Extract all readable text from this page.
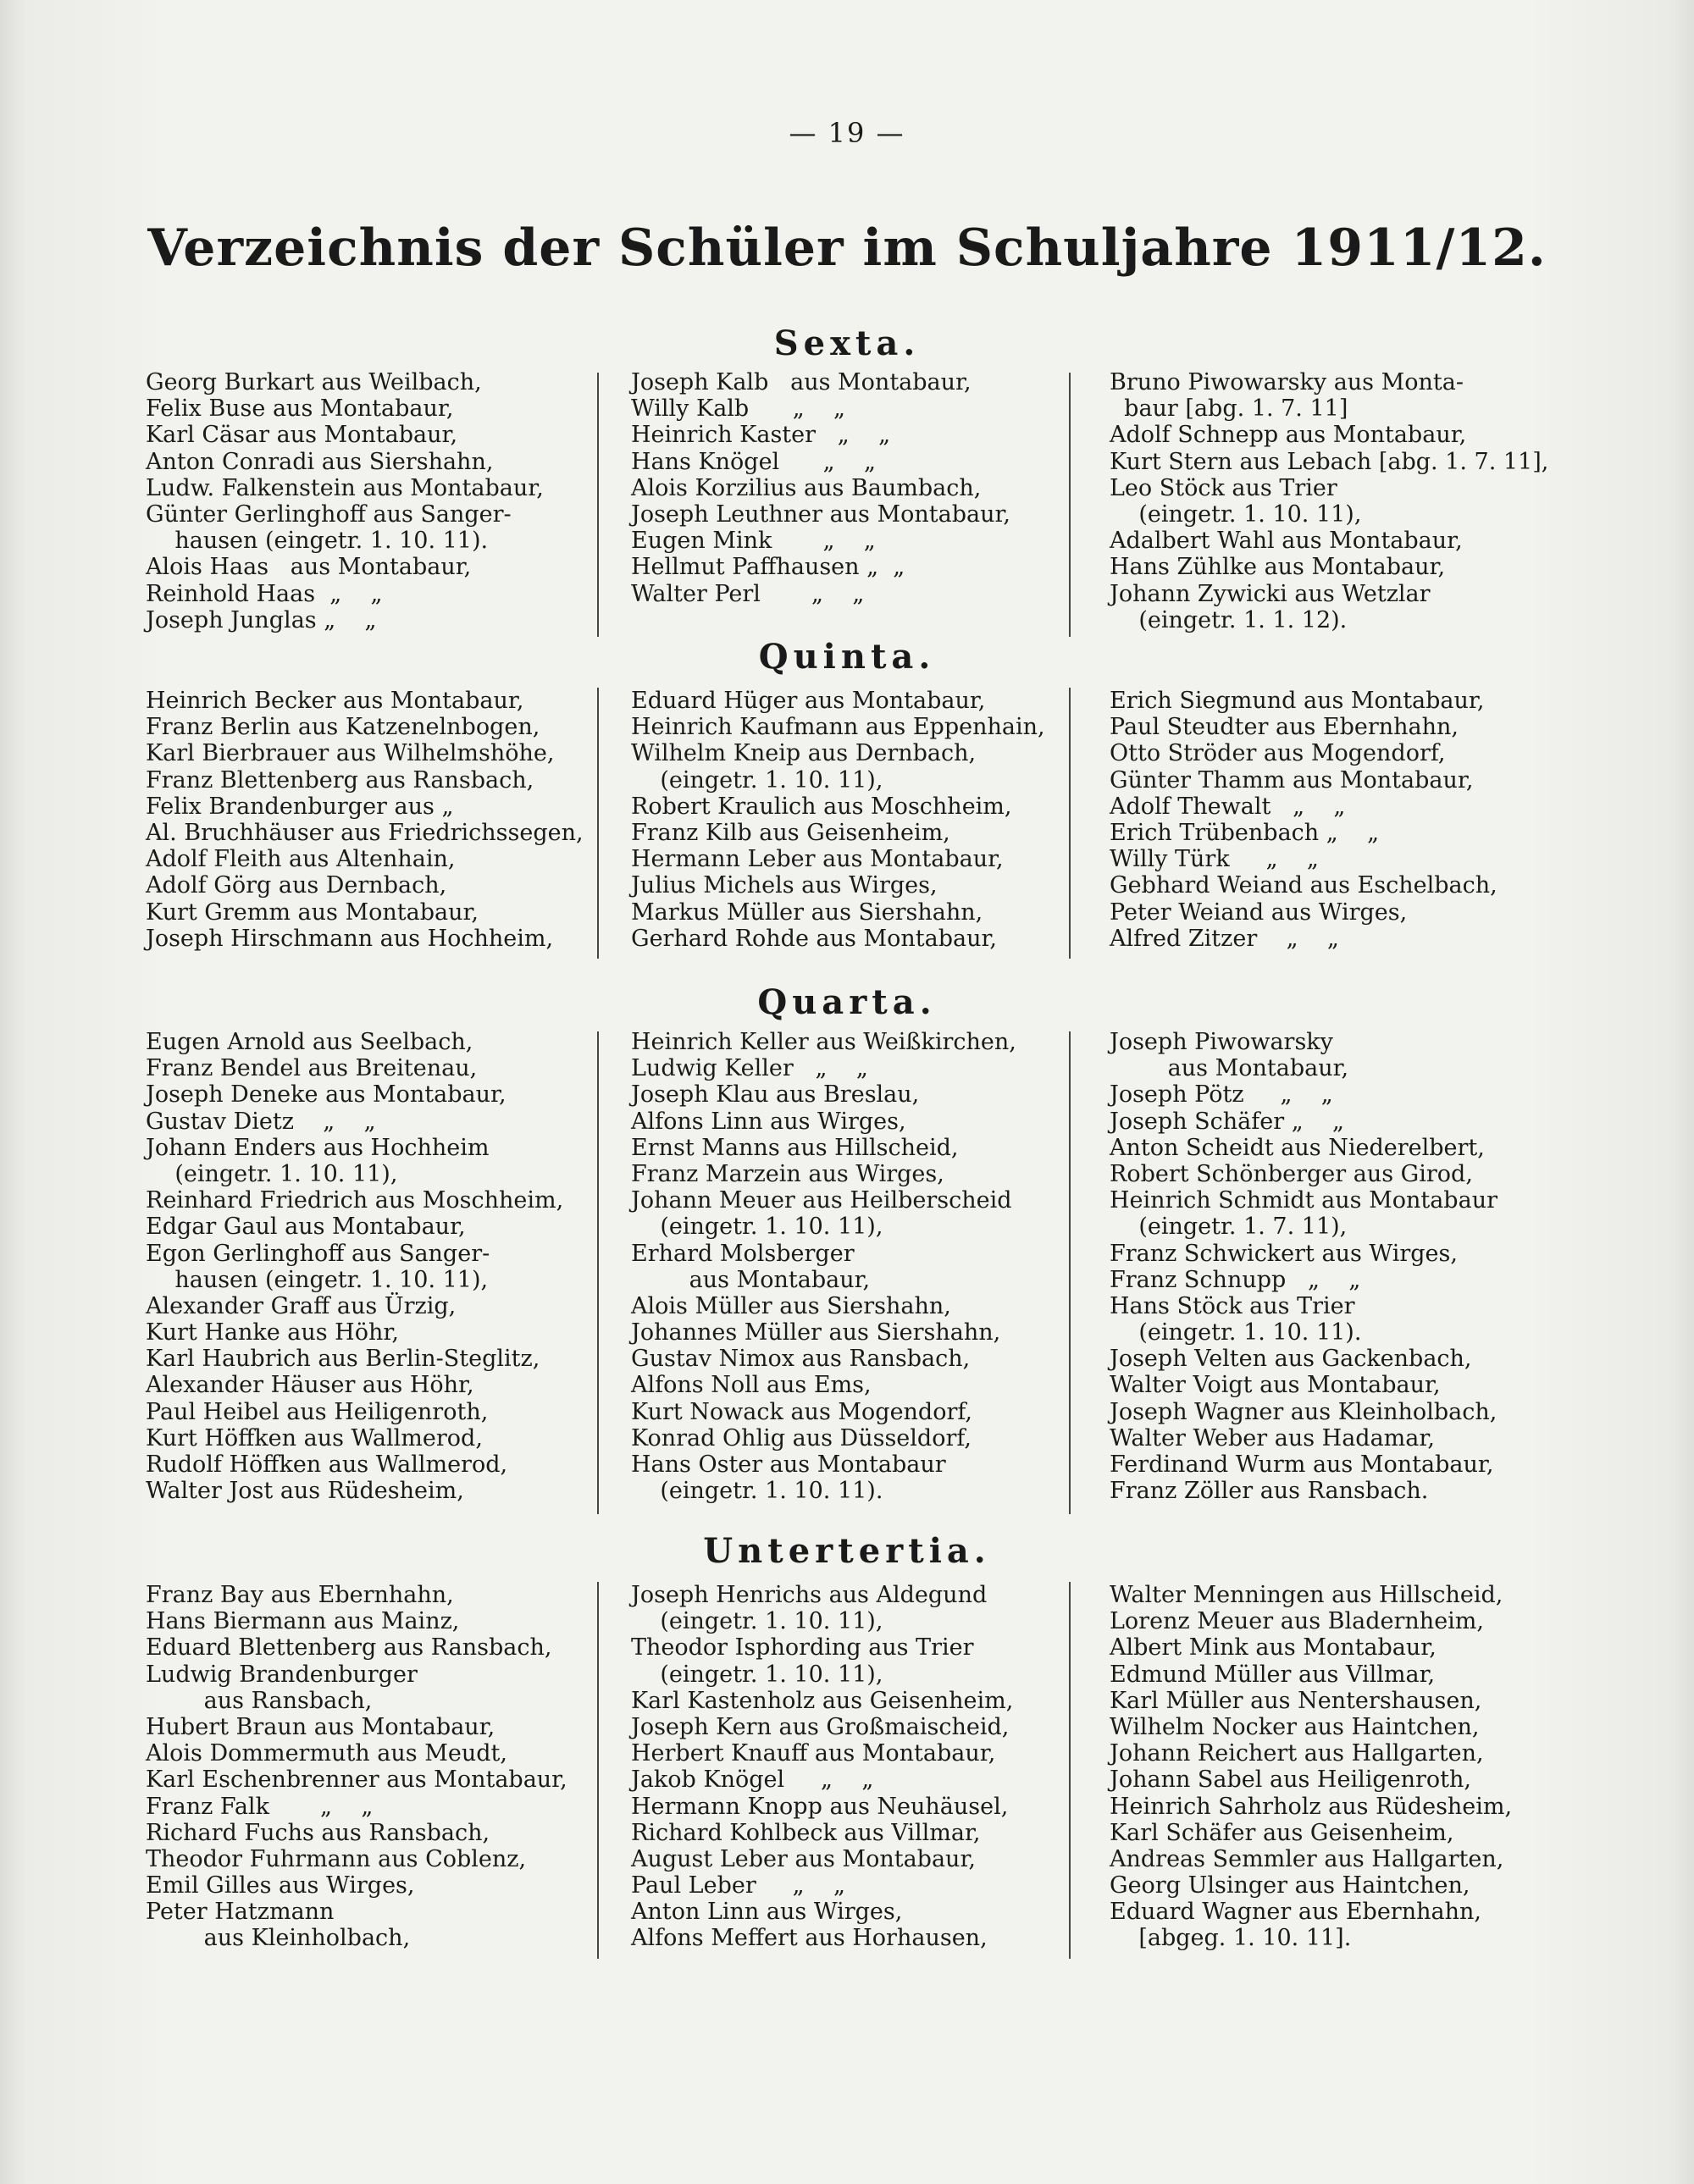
— 19 —
Verzeichnis der Schüler im Schuljahre 1911/12.
Sexta.
Georg Burkart aus Weilbach,
Felix Buse aus Montabaur,
Karl Cäsar aus Montabaur,
Anton Conradi aus Siershahn,
Ludw. Falkenstein aus Montabaur,
Günter Gerlinghoff aus Sanger-
hausen (eingetr. 1. 10. 11).
Alois Haas   aus Montabaur,
Reinhold Haas  „    „
Joseph Junglas „    „
Joseph Kalb   aus Montabaur,
Willy Kalb      „    „
Heinrich Kaster   „    „
Hans Knögel      „    „
Alois Korzilius aus Baumbach,
Joseph Leuthner aus Montabaur,
Eugen Mink       „    „
Hellmut Paffhausen „  „
Walter Perl       „    „
Bruno Piwowarsky aus Monta-
baur [abg. 1. 7. 11]
Adolf Schnepp aus Montabaur,
Kurt Stern aus Lebach [abg. 1. 7. 11],
Leo Stöck aus Trier
(eingetr. 1. 10. 11),
Adalbert Wahl aus Montabaur,
Hans Zühlke aus Montabaur,
Johann Zywicki aus Wetzlar
(eingetr. 1. 1. 12).
Quinta.
Heinrich Becker aus Montabaur,
Franz Berlin aus Katzenelnbogen,
Karl Bierbrauer aus Wilhelmshöhe,
Franz Blettenberg aus Ransbach,
Felix Brandenburger aus „
Al. Bruchhäuser aus Friedrichssegen,
Adolf Fleith aus Altenhain,
Adolf Görg aus Dernbach,
Kurt Gremm aus Montabaur,
Joseph Hirschmann aus Hochheim,
Eduard Hüger aus Montabaur,
Heinrich Kaufmann aus Eppenhain,
Wilhelm Kneip aus Dernbach,
(eingetr. 1. 10. 11),
Robert Kraulich aus Moschheim,
Franz Kilb aus Geisenheim,
Hermann Leber aus Montabaur,
Julius Michels aus Wirges,
Markus Müller aus Siershahn,
Gerhard Rohde aus Montabaur,
Erich Siegmund aus Montabaur,
Paul Steudter aus Ebernhahn,
Otto Ströder aus Mogendorf,
Günter Thamm aus Montabaur,
Adolf Thewalt   „    „
Erich Trübenbach „    „
Willy Türk     „    „
Gebhard Weiand aus Eschelbach,
Peter Weiand aus Wirges,
Alfred Zitzer    „    „
Quarta.
Eugen Arnold aus Seelbach,
Franz Bendel aus Breitenau,
Joseph Deneke aus Montabaur,
Gustav Dietz    „    „
Johann Enders aus Hochheim
(eingetr. 1. 10. 11),
Reinhard Friedrich aus Moschheim,
Edgar Gaul aus Montabaur,
Egon Gerlinghoff aus Sanger-
hausen (eingetr. 1. 10. 11),
Alexander Graff aus Ürzig,
Kurt Hanke aus Höhr,
Karl Haubrich aus Berlin-Steglitz,
Alexander Häuser aus Höhr,
Paul Heibel aus Heiligenroth,
Kurt Höffken aus Wallmerod,
Rudolf Höffken aus Wallmerod,
Walter Jost aus Rüdesheim,
Heinrich Keller aus Weißkirchen,
Ludwig Keller   „    „
Joseph Klau aus Breslau,
Alfons Linn aus Wirges,
Ernst Manns aus Hillscheid,
Franz Marzein aus Wirges,
Johann Meuer aus Heilberscheid
(eingetr. 1. 10. 11),
Erhard Molsberger
aus Montabaur,
Alois Müller aus Siershahn,
Johannes Müller aus Siershahn,
Gustav Nimox aus Ransbach,
Alfons Noll aus Ems,
Kurt Nowack aus Mogendorf,
Konrad Ohlig aus Düsseldorf,
Hans Oster aus Montabaur
(eingetr. 1. 10. 11).
Joseph Piwowarsky
aus Montabaur,
Joseph Pötz     „    „
Joseph Schäfer „    „
Anton Scheidt aus Niederelbert,
Robert Schönberger aus Girod,
Heinrich Schmidt aus Montabaur
(eingetr. 1. 7. 11),
Franz Schwickert aus Wirges,
Franz Schnupp   „    „
Hans Stöck aus Trier
(eingetr. 1. 10. 11).
Joseph Velten aus Gackenbach,
Walter Voigt aus Montabaur,
Joseph Wagner aus Kleinholbach,
Walter Weber aus Hadamar,
Ferdinand Wurm aus Montabaur,
Franz Zöller aus Ransbach.
Untertertia.
Franz Bay aus Ebernhahn,
Hans Biermann aus Mainz,
Eduard Blettenberg aus Ransbach,
Ludwig Brandenburger
aus Ransbach,
Hubert Braun aus Montabaur,
Alois Dommermuth aus Meudt,
Karl Eschenbrenner aus Montabaur,
Franz Falk       „    „
Richard Fuchs aus Ransbach,
Theodor Fuhrmann aus Coblenz,
Emil Gilles aus Wirges,
Peter Hatzmann
aus Kleinholbach,
Joseph Henrichs aus Aldegund
(eingetr. 1. 10. 11),
Theodor Isphording aus Trier
(eingetr. 1. 10. 11),
Karl Kastenholz aus Geisenheim,
Joseph Kern aus Großmaischeid,
Herbert Knauff aus Montabaur,
Jakob Knögel     „    „
Hermann Knopp aus Neuhäusel,
Richard Kohlbeck aus Villmar,
August Leber aus Montabaur,
Paul Leber     „    „
Anton Linn aus Wirges,
Alfons Meffert aus Horhausen,
Walter Menningen aus Hillscheid,
Lorenz Meuer aus Bladernheim,
Albert Mink aus Montabaur,
Edmund Müller aus Villmar,
Karl Müller aus Nentershausen,
Wilhelm Nocker aus Haintchen,
Johann Reichert aus Hallgarten,
Johann Sabel aus Heiligenroth,
Heinrich Sahrholz aus Rüdesheim,
Karl Schäfer aus Geisenheim,
Andreas Semmler aus Hallgarten,
Georg Ulsinger aus Haintchen,
Eduard Wagner aus Ebernhahn,
[abgeg. 1. 10. 11].
